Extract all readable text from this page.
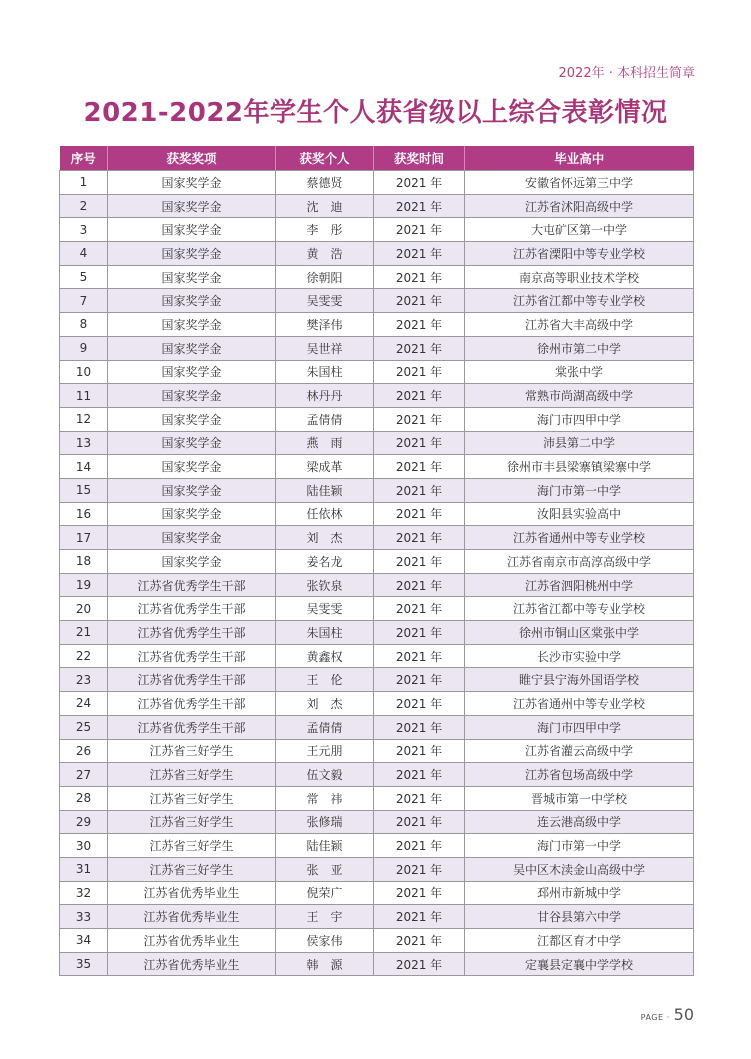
2022年 · 本科招生简章
2021-2022年学生个人获省级以上综合表彰情况
序号	获奖奖项	获奖个人	获奖时间	毕业高中
1	国家奖学金	蔡德贤	2021 年	安徽省怀远第三中学
2	国家奖学金	沈　迪	2021 年	江苏省沭阳高级中学
3	国家奖学金	李　彤	2021 年	大屯矿区第一中学
4	国家奖学金	黄　浩	2021 年	江苏省溧阳中等专业学校
5	国家奖学金	徐朝阳	2021 年	南京高等职业技术学校
7	国家奖学金	吴雯雯	2021 年	江苏省江都中等专业学校
8	国家奖学金	樊泽伟	2021 年	江苏省大丰高级中学
9	国家奖学金	吴世祥	2021 年	徐州市第二中学
10	国家奖学金	朱国柱	2021 年	棠张中学
11	国家奖学金	林丹丹	2021 年	常熟市尚湖高级中学
12	国家奖学金	孟倩倩	2021 年	海门市四甲中学
13	国家奖学金	燕　雨	2021 年	沛县第二中学
14	国家奖学金	梁成革	2021 年	徐州市丰县梁寨镇梁寨中学
15	国家奖学金	陆佳颖	2021 年	海门市第一中学
16	国家奖学金	任依林	2021 年	汝阳县实验高中
17	国家奖学金	刘　杰	2021 年	江苏省通州中等专业学校
18	国家奖学金	姜名龙	2021 年	江苏省南京市高淳高级中学
19	江苏省优秀学生干部	张钦泉	2021 年	江苏省泗阳桃州中学
20	江苏省优秀学生干部	吴雯雯	2021 年	江苏省江都中等专业学校
21	江苏省优秀学生干部	朱国柱	2021 年	徐州市铜山区棠张中学
22	江苏省优秀学生干部	黄鑫权	2021 年	长沙市实验中学
23	江苏省优秀学生干部	王　伦	2021 年	睢宁县宁海外国语学校
24	江苏省优秀学生干部	刘　杰	2021 年	江苏省通州中等专业学校
25	江苏省优秀学生干部	孟倩倩	2021 年	海门市四甲中学
26	江苏省三好学生	王元朋	2021 年	江苏省灌云高级中学
27	江苏省三好学生	伍文毅	2021 年	江苏省包场高级中学
28	江苏省三好学生	常　祎	2021 年	晋城市第一中学校
29	江苏省三好学生	张修瑞	2021 年	连云港高级中学
30	江苏省三好学生	陆佳颖	2021 年	海门市第一中学
31	江苏省三好学生	张　亚	2021 年	吴中区木渎金山高级中学
32	江苏省优秀毕业生	倪荣广	2021 年	邳州市新城中学
33	江苏省优秀毕业生	王　宇	2021 年	甘谷县第六中学
34	江苏省优秀毕业生	侯家伟	2021 年	江都区育才中学
35	江苏省优秀毕业生	韩　源	2021 年	定襄县定襄中学学校
PAGE · 50
